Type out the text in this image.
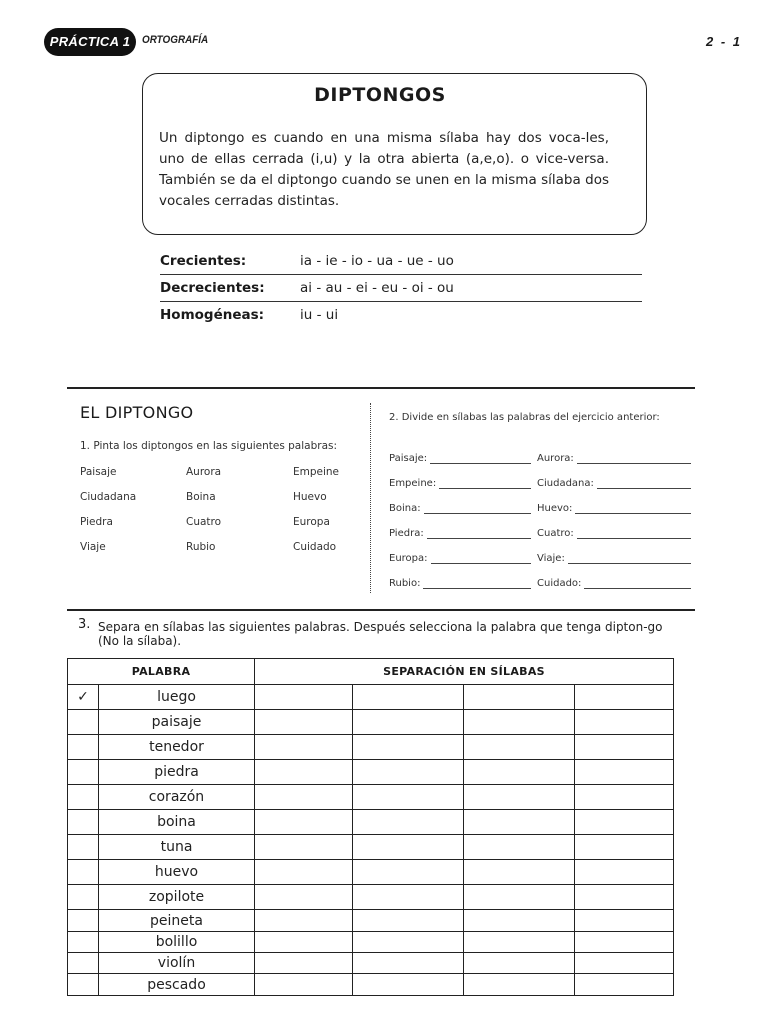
PRÁCTICA 1	ORTOGRAFÍA	2 - 1
DIPTONGOS
Un diptongo es cuando en una misma sílaba hay dos voca-les, uno de ellas cerrada (i,u) y la otra abierta (a,e,o). o vice-versa. También se da el diptongo cuando se unen en la misma sílaba dos vocales cerradas distintas.
Crecientes:	ia - ie - io - ua - ue - uo
Decrecientes:	ai - au - ei - eu - oi - ou
Homogéneas:	iu - ui
EL DIPTONGO
1. Pinta los diptongos en las siguientes palabras:
Paisaje	Aurora	Empeine
Ciudadana	Boina	Huevo
Piedra	Cuatro	Europa
Viaje	Rubio	Cuidado
2. Divide en sílabas las palabras del ejercicio anterior:
Paisaje:	Aurora:
Empeine:	Ciudadana:
Boina:	Huevo:
Piedra:	Cuatro:
Europa:	Viaje:
Rubio:	Cuidado:
3. Separa en sílabas las siguientes palabras. Después selecciona la palabra que tenga dipton-go (No la sílaba).
PALABRA		SEPARACIÓN EN SÍLABAS			
✓	luego				
	paisaje				
	tenedor				
	piedra				
	corazón				
	boina				
	tuna				
	huevo				
	zopilote				
	peineta				
	bolillo				
	violín				
	pescado				
